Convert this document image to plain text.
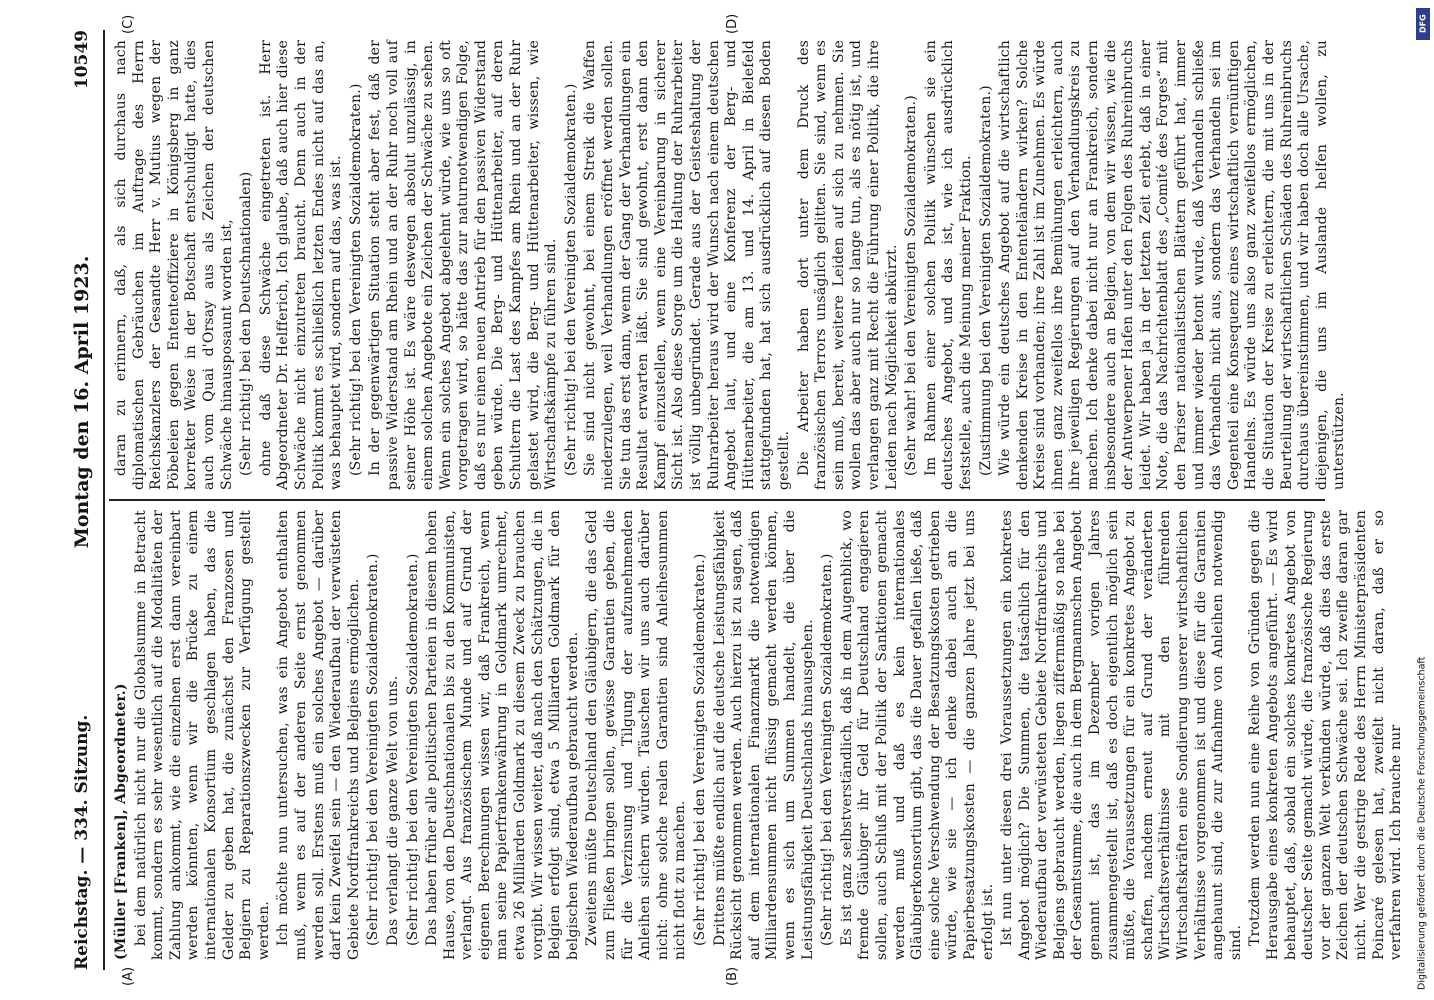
Reichstag. — 334. Sitzung.
Montag den 16. April 1923.
10549

(Müller [Franken], Abgeordneter.) bei dem natürlich nicht nur die Globalsumme in Betracht kommt, sondern es sehr wesentlich auf die Modalitäten der Zahlung ankommt, wie die einzelnen erst dann vereinbart werden könnten, wenn wir die Brücke zu einem internationalen Konsortium geschlagen haben, das die Gelder zu geben hat, die zunächst den Franzosen und Belgiern zu Reparationszwecken zur Verfügung gestellt werden. Ich möchte nun untersuchen, was ein Angebot enthalten muß, wenn es auf der anderen Seite ernst genommen werden soll. Erstens muß ein solches Angebot — darüber darf kein Zweifel sein — den Wiederaufbau der verwüsteten Gebiete Nordfrankreichs und Belgiens ermöglichen. (Sehr richtig! bei den Vereinigten Sozialdemokraten.) Das verlangt die ganze Welt von uns. (Sehr richtig! bei den Vereinigten Sozialdemokraten.) Das haben früher alle politischen Parteien in diesem hohen Hause, von den Deutschnationalen bis zu den Kommunisten, verlangt. Aus französischem Munde und auf Grund der eigenen Berechnungen wissen wir, daß Frankreich, wenn man seine Papierfrankenwährung in Goldmark umrechnet, etwa 26 Milliarden Goldmark zu diesem Zweck zu brauchen vorgibt. Wir wissen weiter, daß nach den Schätzungen, die in Belgien erfolgt sind, etwa 5 Milliarden Goldmark für den belgischen Wiederaufbau gebraucht werden. Zweitens müßte Deutschland den Gläubigern, die das Geld zum Fließen bringen sollen, gewisse Garantien geben, die für die Verzinsung und Tilgung der aufzunehmenden Anleihen sichern würden. Täuschen wir uns auch darüber nicht: ohne solche realen Garantien sind Anleihesummen nicht flott zu machen. (Sehr richtig! bei den Vereinigten Sozialdemokraten.) Drittens müßte endlich auf die deutsche Leistungsfähigkeit Rücksicht genommen werden. Auch hierzu ist zu sagen, daß auf dem internationalen Finanzmarkt die notwendigen Milliardensummen nicht flüssig gemacht werden können, wenn es sich um Summen handelt, die über die Leistungsfähigkeit Deutschlands hinausgehen. (Sehr richtig! bei den Vereinigten Sozialdemokraten.) Es ist ganz selbstverständlich, daß in dem Augenblick, wo fremde Gläubiger ihr Geld für Deutschland engagieren sollen, auch Schluß mit der Politik der Sanktionen gemacht werden muß und daß es kein internationales Gläubigerkonsortium gibt, das die Dauer gefallen ließe, daß eine solche Verschwendung der Besatzungskosten getrieben würde, wie sie — ich denke dabei auch an die Papierbesatzungskosten — die ganzen Jahre jetzt bei uns erfolgt ist. Ist nun unter diesen drei Voraussetzungen ein konkretes Angebot möglich? Die Summen, die tatsächlich für den Wiederaufbau der verwüsteten Gebiete Nordfrankreichs und Belgiens gebraucht werden, liegen ziffernmäßig so nahe bei der Gesamtsumme, die auch in dem Bergmannschen Angebot genannt ist, das im Dezember vorigen Jahres zusammengestellt ist, daß es doch eigentlich möglich sein müßte, die Voraussetzungen für ein konkretes Angebot zu schaffen, nachdem erneut auf Grund der veränderten Wirtschaftsverhältnisse mit den führenden Wirtschaftskräften eine Sondierung unserer wirtschaftlichen Verhältnisse vorgenommen ist und diese für die Garantien angehaunt sind, die zur Aufnahme von Anleihen notwendig sind. Trotzdem werden nun eine Reihe von Gründen gegen die Herausgabe eines konkreten Angebots angeführt. — Es wird behauptet, daß, sobald ein solches konkretes Angebot von deutscher Seite gemacht würde, die französische Regierung vor der ganzen Welt verkünden würde, daß dies das erste Zeichen der deutschen Schwäche sei. Ich zweifle daran gar nicht. Wer die gestrige Rede des Herrn Ministerpräsidenten Poincaré gelesen hat, zweifelt nicht daran, daß er so verfahren wird. Ich brauche nur

daran zu erinnern, daß, als sich durchaus nach diplomatischen Gebräuchen im Auftrage des Herrn Reichskanzlers der Gesandte Herr v. Mutius wegen der Pöbeleien gegen Ententeoffiziere in Königsberg in ganz korrekter Weise in der Botschaft entschuldigt hatte, dies auch vom Quai d'Orsay aus als Zeichen der deutschen Schwäche hinausposaunt worden ist, (Sehr richtig! bei den Deutschnationalen) ohne daß diese Schwäche eingetreten ist. Herr Abgeordneter Dr. Helfferich, Ich glaube, daß auch hier diese Schwäche nicht einzutreten braucht. Denn auch in der Politik kommt es schließlich letzten Endes nicht auf das an, was behauptet wird, sondern auf das, was ist. (Sehr richtig! bei den Vereinigten Sozialdemokraten.) In der gegenwärtigen Situation steht aber fest, daß der passive Widerstand am Rhein und an der Ruhr noch voll auf seiner Höhe ist. Es wäre deswegen absolut unzulässig, in einem solchen Angebote ein Zeichen der Schwäche zu sehen. Wenn ein solches Angebot abgelehnt würde, wie uns so oft vorgetragen wird, so hätte das zur naturnotwendigen Folge, daß es nur einen neuen Antrieb für den passiven Widerstand geben würde. Die Berg- und Hüttenarbeiter, auf deren Schultern die Last des Kampfes am Rhein und an der Ruhr gelastet wird, die Berg- und Hüttenarbeiter, wissen, wie Wirtschaftskämpfe zu führen sind. (Sehr richtig! bei den Vereinigten Sozialdemokraten.) Sie sind nicht gewohnt, bei einem Streik die Waffen niederzulegen, weil Verhandlungen eröffnet werden sollen. Sie tun das erst dann, wenn der Gang der Verhandlungen ein Resultat erwarten läßt. Sie sind gewohnt, erst dann den Kampf einzustellen, wenn eine Vereinbarung in sicherer Sicht ist. Also diese Sorge um die Haltung der Ruhrarbeiter ist völlig unbegründet. Gerade aus der Geisteshaltung der Ruhrarbeiter heraus wird der Wunsch nach einem deutschen Angebot laut, und eine Konferenz der Berg- und Hüttenarbeiter, die am 13. und 14. April in Bielefeld stattgefunden hat, hat sich ausdrücklich auf diesen Boden gestellt. Die Arbeiter haben dort unter dem Druck des französischen Terrors unsäglich gelitten. Sie sind, wenn es sein muß, bereit, weitere Leiden auf sich zu nehmen. Sie wollen das aber auch nur so lange tun, als es nötig ist, und verlangen ganz mit Recht die Führung einer Politik, die ihre Leiden nach Möglichkeit abkürzt. (Sehr wahr! bei den Vereinigten Sozialdemokraten.) Im Rahmen einer solchen Politik wünschen sie ein deutsches Angebot, und das ist, wie ich ausdrücklich feststelle, auch die Meinung meiner Fraktion. (Zustimmung bei den Vereinigten Sozialdemokraten.) Wie würde ein deutsches Angebot auf die wirtschaftlich denkenden Kreise in den Ententeländern wirken? Solche Kreise sind vorhanden; ihre Zahl ist im Zunehmen. Es würde ihnen ganz zweifellos ihre Bemühungen erleichtern, auch ihre jeweiligen Regierungen auf den Verhandlungskreis zu machen. Ich denke dabei nicht nur an Frankreich, sondern insbesondere auch an Belgien, von dem wir wissen, wie die der Antwerpener Hafen unter den Folgen des Ruhreinbruchs leidet. Wir haben ja in der letzten Zeit erlebt, daß in einer Note, die das Nachrichtenblatt des „Comité des Forges“ mit den Pariser nationalistischen Blättern geführt hat, immer und immer wieder betont wurde, daß Verhandeln schließe das Verhandeln nicht aus, sondern das Verhandeln sei im Gegenteil eine Konsequenz eines wirtschaftlich vernünftigen Handelns. Es würde uns also ganz zweifellos ermöglichen, die Situation der Kreise zu erleichtern, die mit uns in der Beurteilung der wirtschaftlichen Schäden des Ruhreinbruchs durchaus übereinstimmen, und wir haben doch alle Ursache, diejenigen, die uns im Auslande helfen wollen, zu unterstützen.

(A)	(B)
(C)	(D)
Digitalisierung gefördert durch die Deutsche Forschungsgemeinschaft
DFG
